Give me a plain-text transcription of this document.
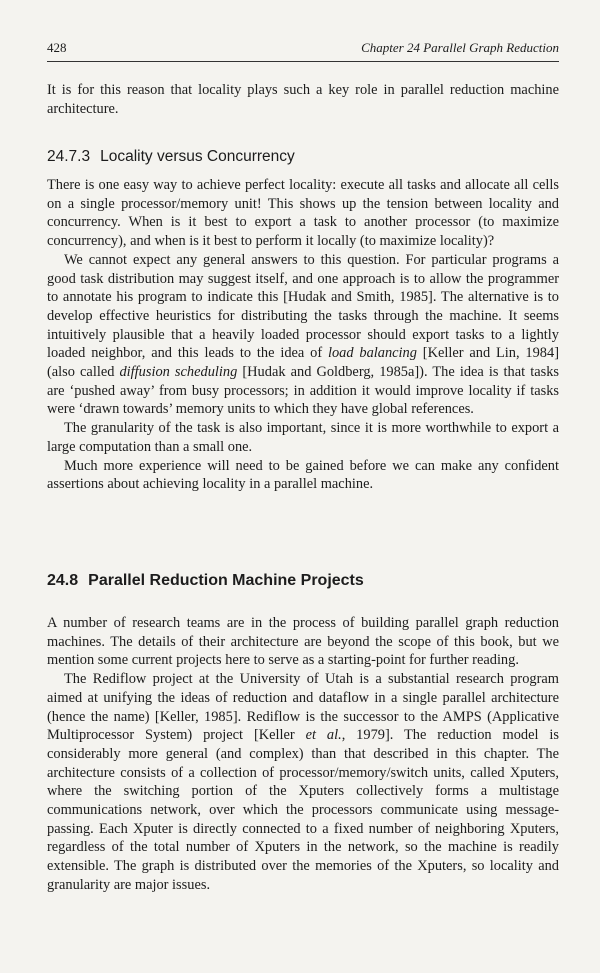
428	Chapter 24 Parallel Graph Reduction

It is for this reason that locality plays such a key role in parallel reduction machine architecture.

24.7.3 Locality versus Concurrency

There is one easy way to achieve perfect locality: execute all tasks and allocate all cells on a single processor/memory unit! This shows up the tension between locality and concurrency. When is it best to export a task to another processor (to maximize concurrency), and when is it best to perform it locally (to maximize locality)?

We cannot expect any general answers to this question. For particular programs a good task distribution may suggest itself, and one approach is to allow the programmer to annotate his program to indicate this [Hudak and Smith, 1985]. The alternative is to develop effective heuristics for distributing the tasks through the machine. It seems intuitively plausible that a heavily loaded processor should export tasks to a lightly loaded neighbor, and this leads to the idea of load balancing [Keller and Lin, 1984] (also called diffusion scheduling [Hudak and Goldberg, 1985a]). The idea is that tasks are ‘pushed away’ from busy processors; in addition it would improve locality if tasks were ‘drawn towards’ memory units to which they have global references.

The granularity of the task is also important, since it is more worthwhile to export a large computation than a small one.

Much more experience will need to be gained before we can make any confident assertions about achieving locality in a parallel machine.

24.8 Parallel Reduction Machine Projects

A number of research teams are in the process of building parallel graph reduction machines. The details of their architecture are beyond the scope of this book, but we mention some current projects here to serve as a starting-point for further reading.

The Rediflow project at the University of Utah is a substantial research program aimed at unifying the ideas of reduction and dataflow in a single parallel architecture (hence the name) [Keller, 1985]. Rediflow is the successor to the AMPS (Applicative Multiprocessor System) project [Keller et al., 1979]. The reduction model is considerably more general (and complex) than that described in this chapter. The architecture consists of a collection of processor/memory/switch units, called Xputers, where the switching portion of the Xputers collectively forms a multistage communications network, over which the processors communicate using message-passing. Each Xputer is directly connected to a fixed number of neighboring Xputers, regardless of the total number of Xputers in the network, so the machine is readily extensible. The graph is distributed over the memories of the Xputers, so locality and granularity are major issues.
